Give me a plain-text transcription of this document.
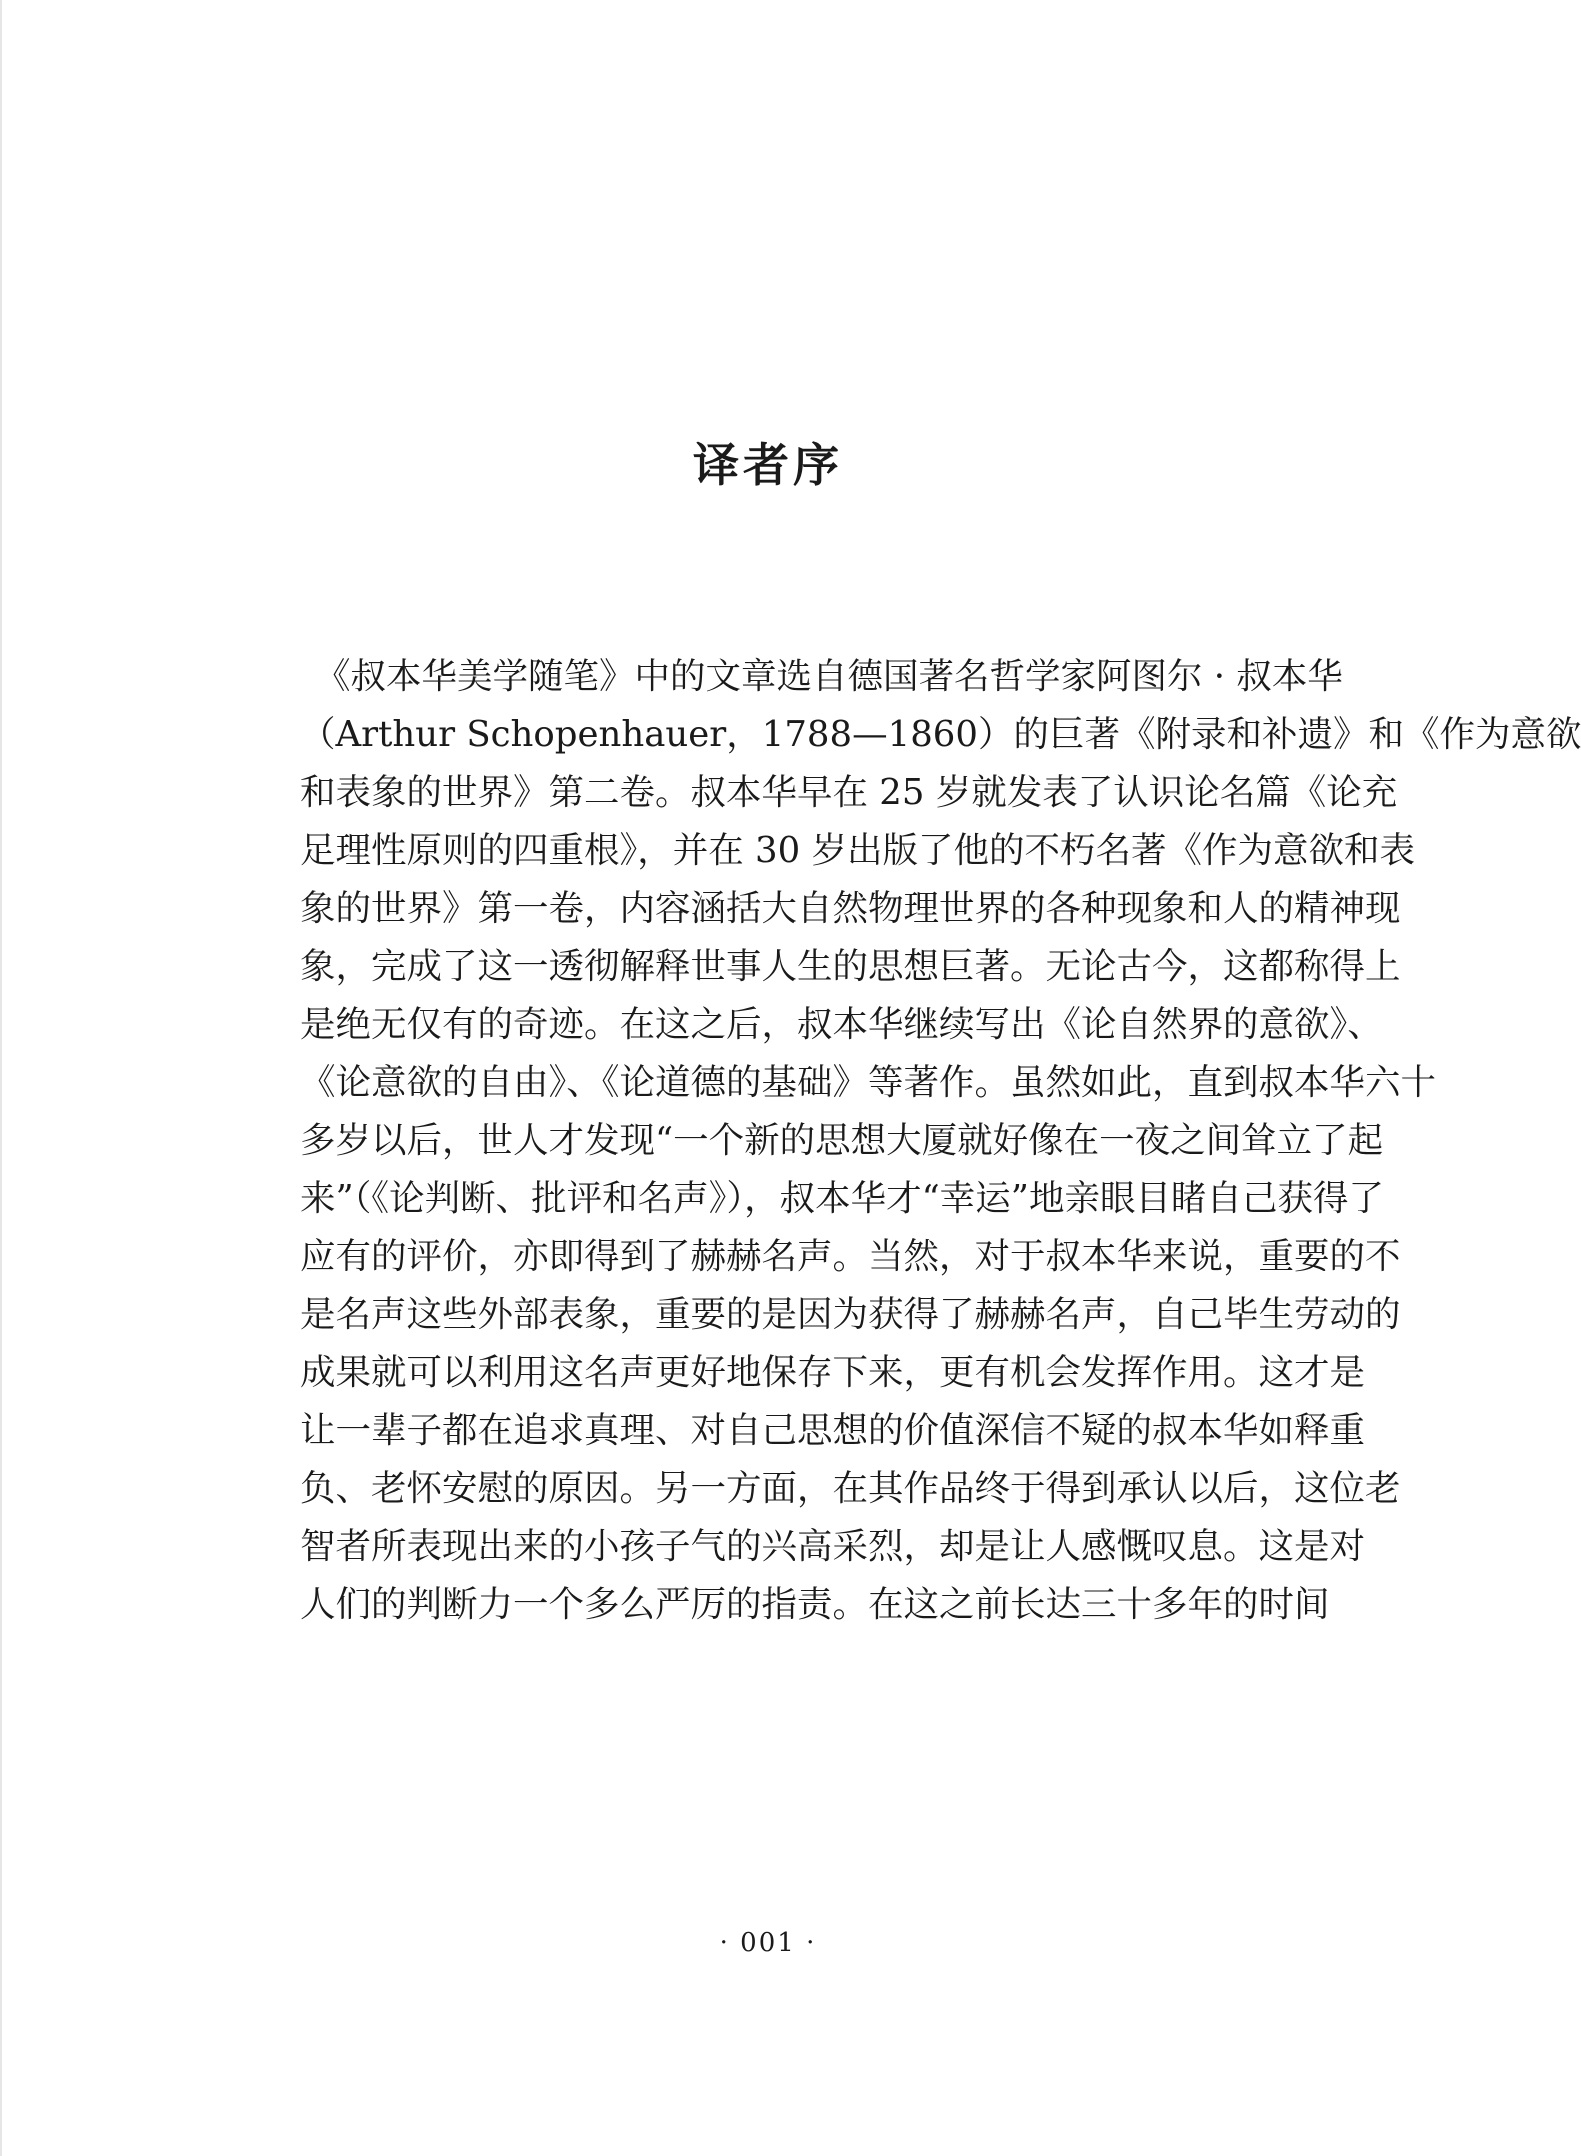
译者序
《叔本华美学随笔》中的文章选自德国著名哲学家阿图尔 · 叔本华
（Arthur Schopenhauer，1788—1860）的巨著《附录和补遗》和《作为意欲
和表象的世界》第二卷。叔本华早在 25 岁就发表了认识论名篇《论充
足理性原则的四重根》，并在 30 岁出版了他的不朽名著《作为意欲和表
象的世界》第一卷，内容涵括大自然物理世界的各种现象和人的精神现
象，完成了这一透彻解释世事人生的思想巨著。无论古今，这都称得上
是绝无仅有的奇迹。在这之后，叔本华继续写出《论自然界的意欲》、
《论意欲的自由》、《论道德的基础》等著作。虽然如此，直到叔本华六十
多岁以后，世人才发现“一个新的思想大厦就好像在一夜之间耸立了起
来”（《论判断、批评和名声》），叔本华才“幸运”地亲眼目睹自己获得了
应有的评价，亦即得到了赫赫名声。当然，对于叔本华来说，重要的不
是名声这些外部表象，重要的是因为获得了赫赫名声，自己毕生劳动的
成果就可以利用这名声更好地保存下来，更有机会发挥作用。这才是
让一辈子都在追求真理、对自己思想的价值深信不疑的叔本华如释重
负、老怀安慰的原因。另一方面，在其作品终于得到承认以后，这位老
智者所表现出来的小孩子气的兴高采烈，却是让人感慨叹息。这是对
人们的判断力一个多么严厉的指责。在这之前长达三十多年的时间
· 001 ·
